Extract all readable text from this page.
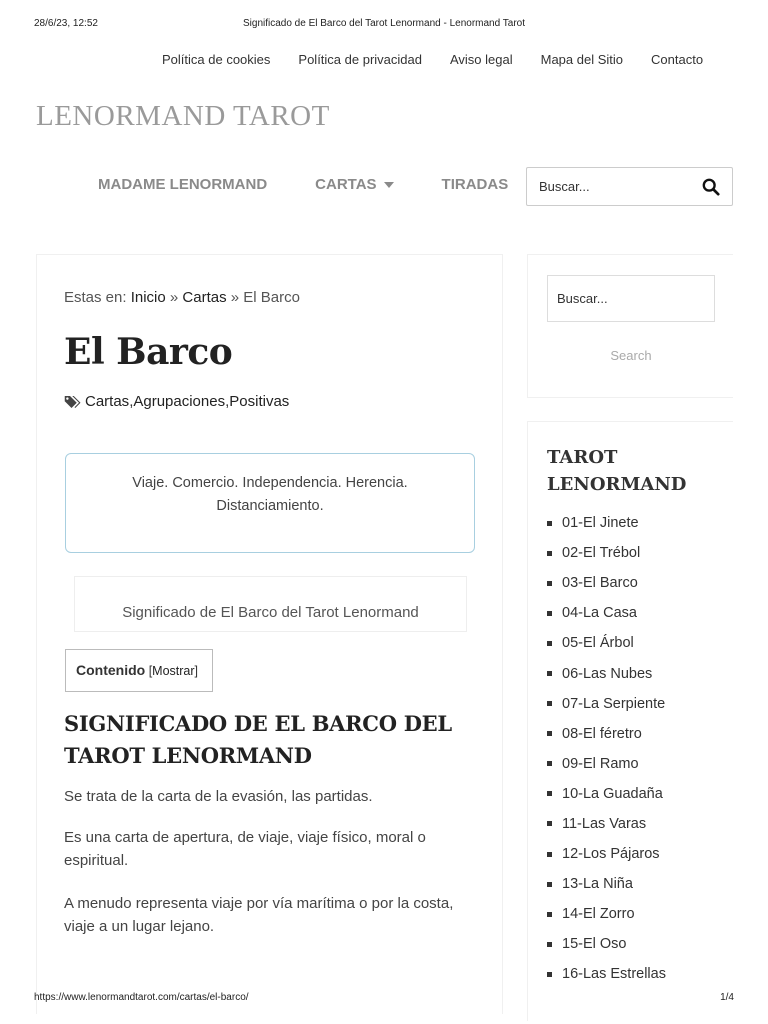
28/6/23, 12:52	Significado de El Barco del Tarot Lenormand - Lenormand Tarot
Política de cookies Política de privacidad Aviso legal Mapa del Sitio Contacto
LENORMAND TAROT
MADAME LENORMAND	CARTAS	TIRADAS
Buscar...
Estas en: Inicio » Cartas » El Barco
El Barco
Cartas , Agrupaciones , Positivas
Viaje. Comercio. Independencia. Herencia. Distanciamiento.
Significado de El Barco del Tarot Lenormand
Contenido [Mostrar]
SIGNIFICADO DE EL BARCO DEL TAROT LENORMAND

Se trata de la carta de la evasión, las partidas.

Es una carta de apertura, de viaje, viaje físico, moral o espiritual.

A menudo representa viaje por vía marítima o por la costa, viaje a un lugar lejano.

Buscar...
Search
TAROT LENORMAND
01-El Jinete
02-El Trébol
03-El Barco
04-La Casa
05-El Árbol
06-Las Nubes
07-La Serpiente
08-El féretro
09-El Ramo
10-La Guadaña
11-Las Varas
12-Los Pájaros
13-La Niña
14-El Zorro
15-El Oso
16-Las Estrellas
https://www.lenormandtarot.com/cartas/el-barco/	1/4
